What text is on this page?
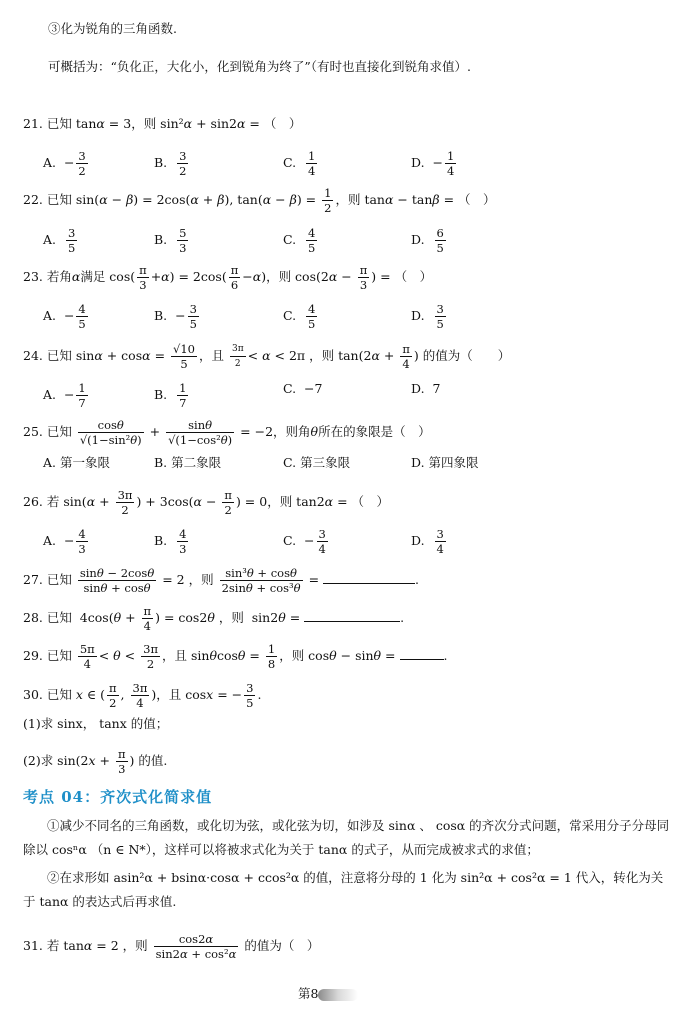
③化为锐角的三角函数.
可概括为：“负化正，大化小，化到锐角为终了”（有时也直接化到锐角求值）.
21. 已知 tanα = 3，则 sin²α + sin2α = （　）
A.  − $\frac{3}{2}$	B. $\frac{3}{2}$	C. $\frac{1}{4}$	D.  − $\frac{1}{4}$
22. 已知 sin(α − β) = 2cos(α + β), $\tan(\alpha - \beta) = \frac{1}{2}$ ，则 tanα − tanβ = （　）
A. $\frac{3}{5}$	B. $\frac{5}{3}$	C. $\frac{4}{5}$	D. $\frac{6}{5}$
23. 若角α满足 $\cos( \frac{\pi}{3} +\alpha) = 2\cos( \frac{\pi}{6} -\alpha)$，则 $\cos(2\alpha - \frac{\pi}{3}$ ) = （　）
A.  − $\frac{4}{5}$	B.  − $\frac{3}{5}$	C. $\frac{4}{5}$	D. $\frac{3}{5}$
24. 已知 $\sin\alpha + \cos\alpha = \frac{√10}{5}$ ，且 $\frac{3\pi}{2} < \alpha < 2\pi$ ，则 $\tan(2\alpha + \frac{\pi}{4}$ ) 的值为（　　）
A.  − $\frac{1}{7}$	B. $\frac{1}{7}$	C.  −7	D.  7
25. 已知 $\frac{\cos\theta}{\text{√(1−sin²θ)}} + \frac{\sin\theta}{\text{√(1−cos²θ)}} = -2$，则角θ所在的象限是（　）
A. 第一象限	B. 第二象限	C. 第三象限	D. 第四象限
26. 若 $\sin(\alpha + \frac{3\pi}{2}$ ) + $3\cos(\alpha - \frac{\pi}{2}$ ) = 0，则 tan2α = （　）
A.  − $\frac{4}{3}$	B. $\frac{4}{3}$	C.  − $\frac{3}{4}$	D. $\frac{3}{4}$
27. 已知 $\frac{\sin\theta - 2\cos\theta}{\sin\theta + \cos\theta} = 2$ ，则 $\frac{\text{sin³θ + cosθ}}{\text{2sinθ + cos³θ}}$ =	.
28. 已知  $4\cos(\theta + \frac{\pi}{4}$ ) = cos2θ ，则  sin2θ =	.
29. 已知 $\frac{5\pi}{4} < \theta < \frac{3\pi}{2}$ ，且 $\sin\theta\cos\theta = \frac{1}{8}$ ，则 cosθ − sinθ =	.
30. 已知 x ∈ ( $\frac{\pi}{2}$ , $\frac{3\pi}{4}$ )，且 cosx = − $\frac{3}{5}$ .
(1)求 sinx， tanx 的值；
(2)求 $\sin(2x + \frac{\pi}{3}$ ) 的值.
考点 04：齐次式化简求值
①减少不同名的三角函数，或化切为弦，或化弦为切，如涉及 sinα 、 cosα 的齐次分式问题，常采用分子分母同除以 cosⁿα （n ∈ N*），这样可以将被求式化为关于 tanα 的式子，从而完成被求式的求值；
②在求形如 asin²α + bsinα·cosα + ccos²α 的值，注意将分母的 1 化为 sin²α + cos²α = 1 代入，转化为关于 tanα 的表达式后再求值.
31. 若 tanα = 2 ，则 $\frac{\cos 2\alpha}{\text{sin2α + cos²α}}$ 的值为（　）
第8
